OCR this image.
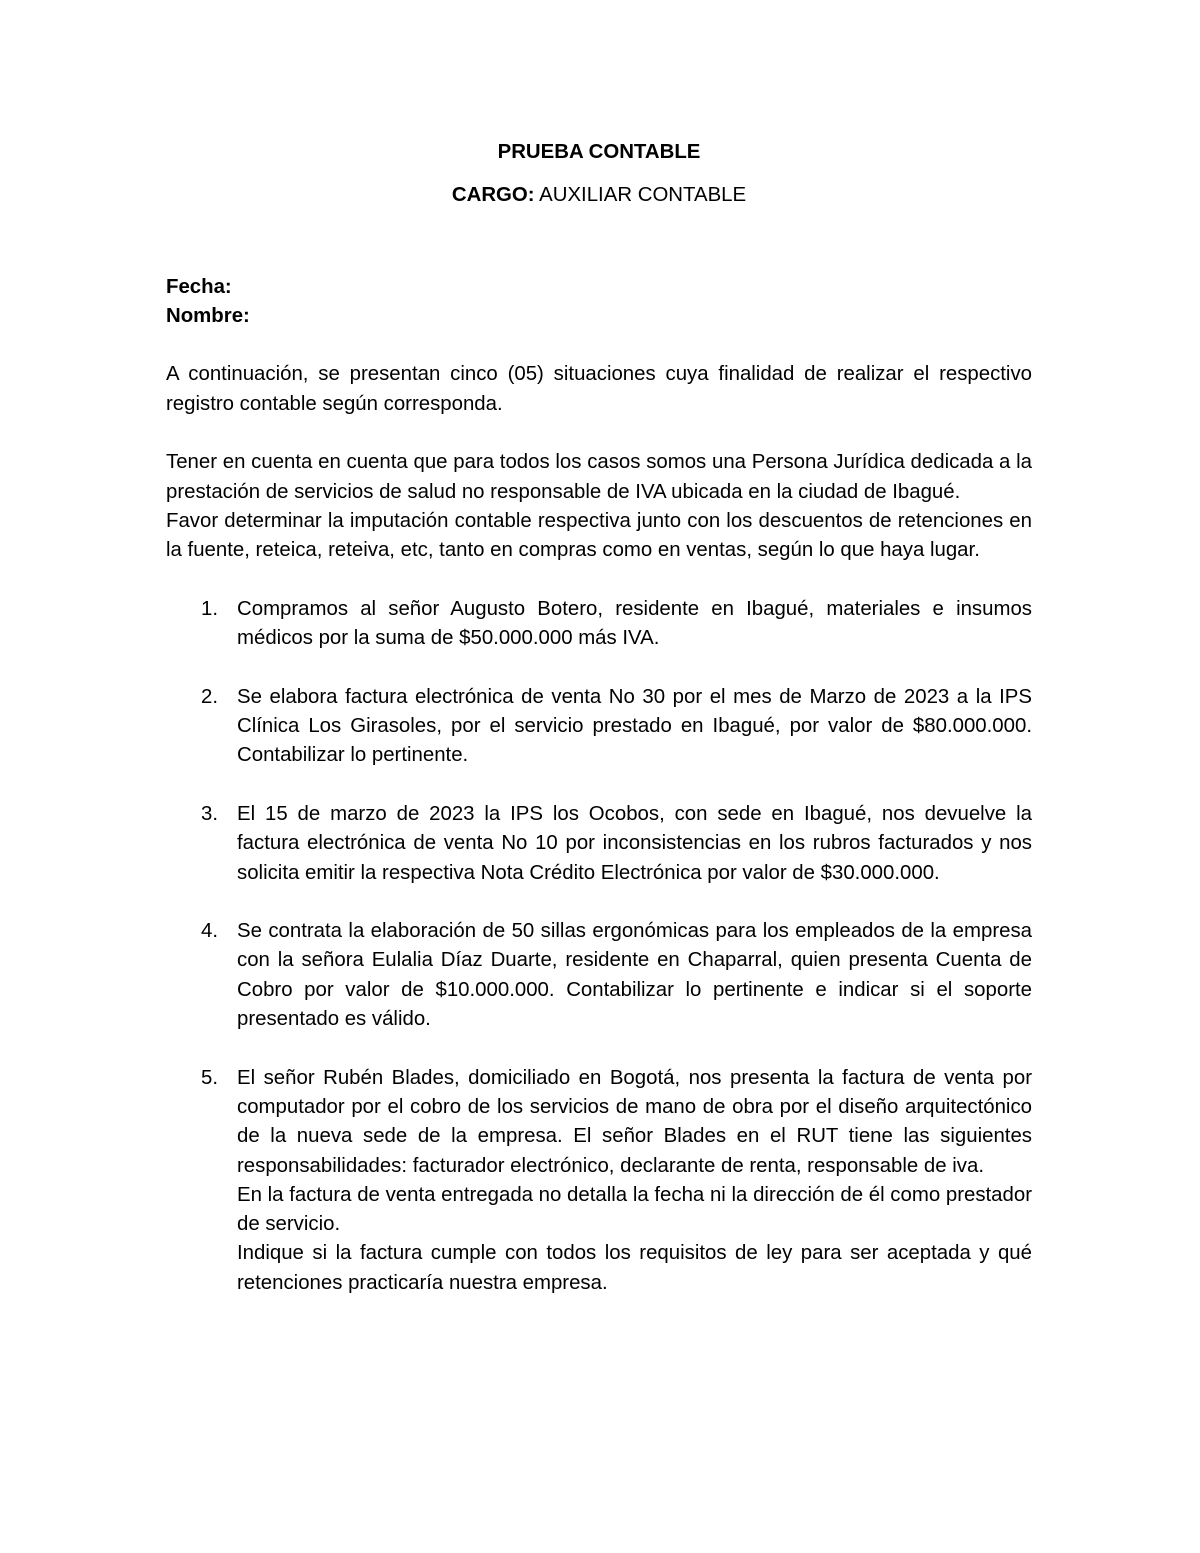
PRUEBA CONTABLE

CARGO: AUXILIAR CONTABLE

Fecha:

Nombre:

A continuación, se presentan cinco (05) situaciones cuya finalidad de realizar el respectivo registro contable según corresponda.

Tener en cuenta en cuenta que para todos los casos somos una Persona Jurídica dedicada a la prestación de servicios de salud no responsable de IVA ubicada en la ciudad de Ibagué.

Favor determinar la imputación contable respectiva junto con los descuentos de retenciones en la fuente, reteica, reteiva, etc, tanto en compras como en ventas, según lo que haya lugar.

1. Compramos al señor Augusto Botero, residente en Ibagué, materiales e insumos médicos por la suma de $50.000.000 más IVA.

2. Se elabora factura electrónica de venta No 30 por el mes de Marzo de 2023 a la IPS Clínica Los Girasoles, por el servicio prestado en Ibagué, por valor de $80.000.000. Contabilizar lo pertinente.

3. El 15 de marzo de 2023 la IPS los Ocobos, con sede en Ibagué, nos devuelve la factura electrónica de venta No 10 por inconsistencias en los rubros facturados y nos solicita emitir la respectiva Nota Crédito Electrónica por valor de $30.000.000.

4. Se contrata la elaboración de 50 sillas ergonómicas para los empleados de la empresa con la señora Eulalia Díaz Duarte, residente en Chaparral, quien presenta Cuenta de Cobro por valor de $10.000.000. Contabilizar lo pertinente e indicar si el soporte presentado es válido.

5. El señor Rubén Blades, domiciliado en Bogotá, nos presenta la factura de venta por computador por el cobro de los servicios de mano de obra por el diseño arquitectónico de la nueva sede de la empresa. El señor Blades en el RUT tiene las siguientes responsabilidades: facturador electrónico, declarante de renta, responsable de iva.

En la factura de venta entregada no detalla la fecha ni la dirección de él como prestador de servicio.

Indique si la factura cumple con todos los requisitos de ley para ser aceptada y qué retenciones practicaría nuestra empresa.
